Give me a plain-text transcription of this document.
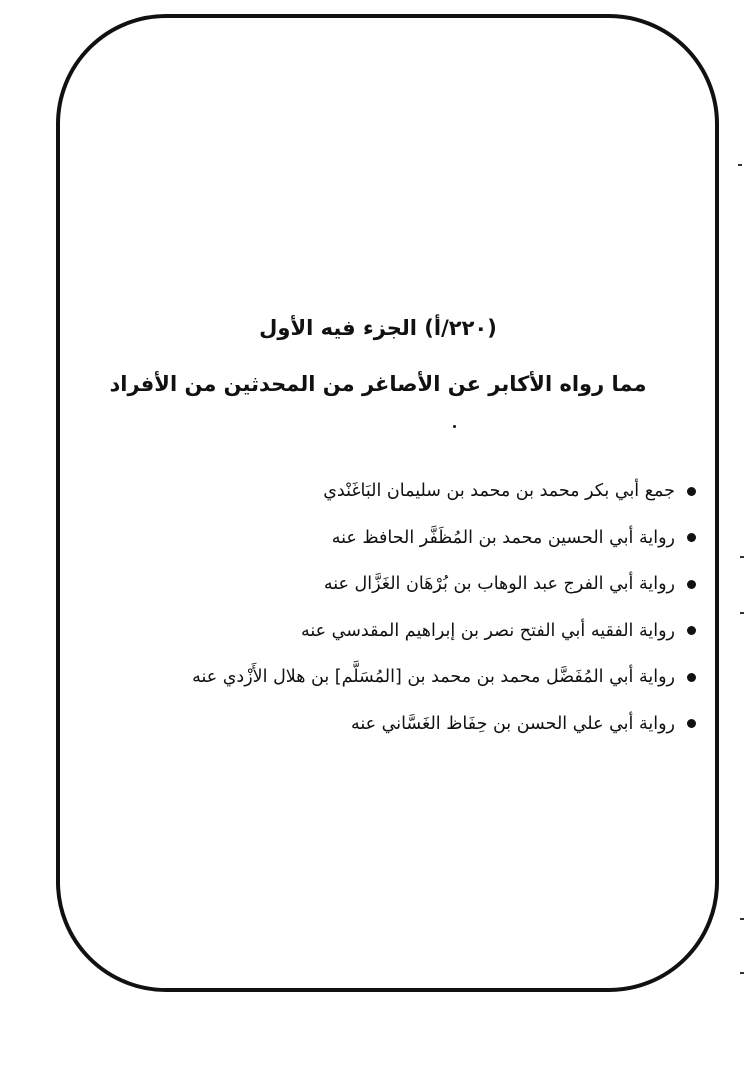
(٢٢٠/أ) الجزء فيه الأول
مما رواه الأكابر عن الأصاغر من المحدثين من الأفراد
جمع أبي بكر محمد بن محمد بن سليمان البَاغَنْدي
رواية أبي الحسين محمد بن المُظَفَّر الحافظ عنه
رواية أبي الفرج عبد الوهاب بن بُرْهَان الغَزَّال عنه
رواية الفقيه أبي الفتح نصر بن إبراهيم المقدسي عنه
رواية أبي المُفَضَّل محمد بن محمد بن [المُسَلَّم] بن هلال الأَزْدي عنه
رواية أبي علي الحسن بن حِفَاظ الغَسَّاني عنه
